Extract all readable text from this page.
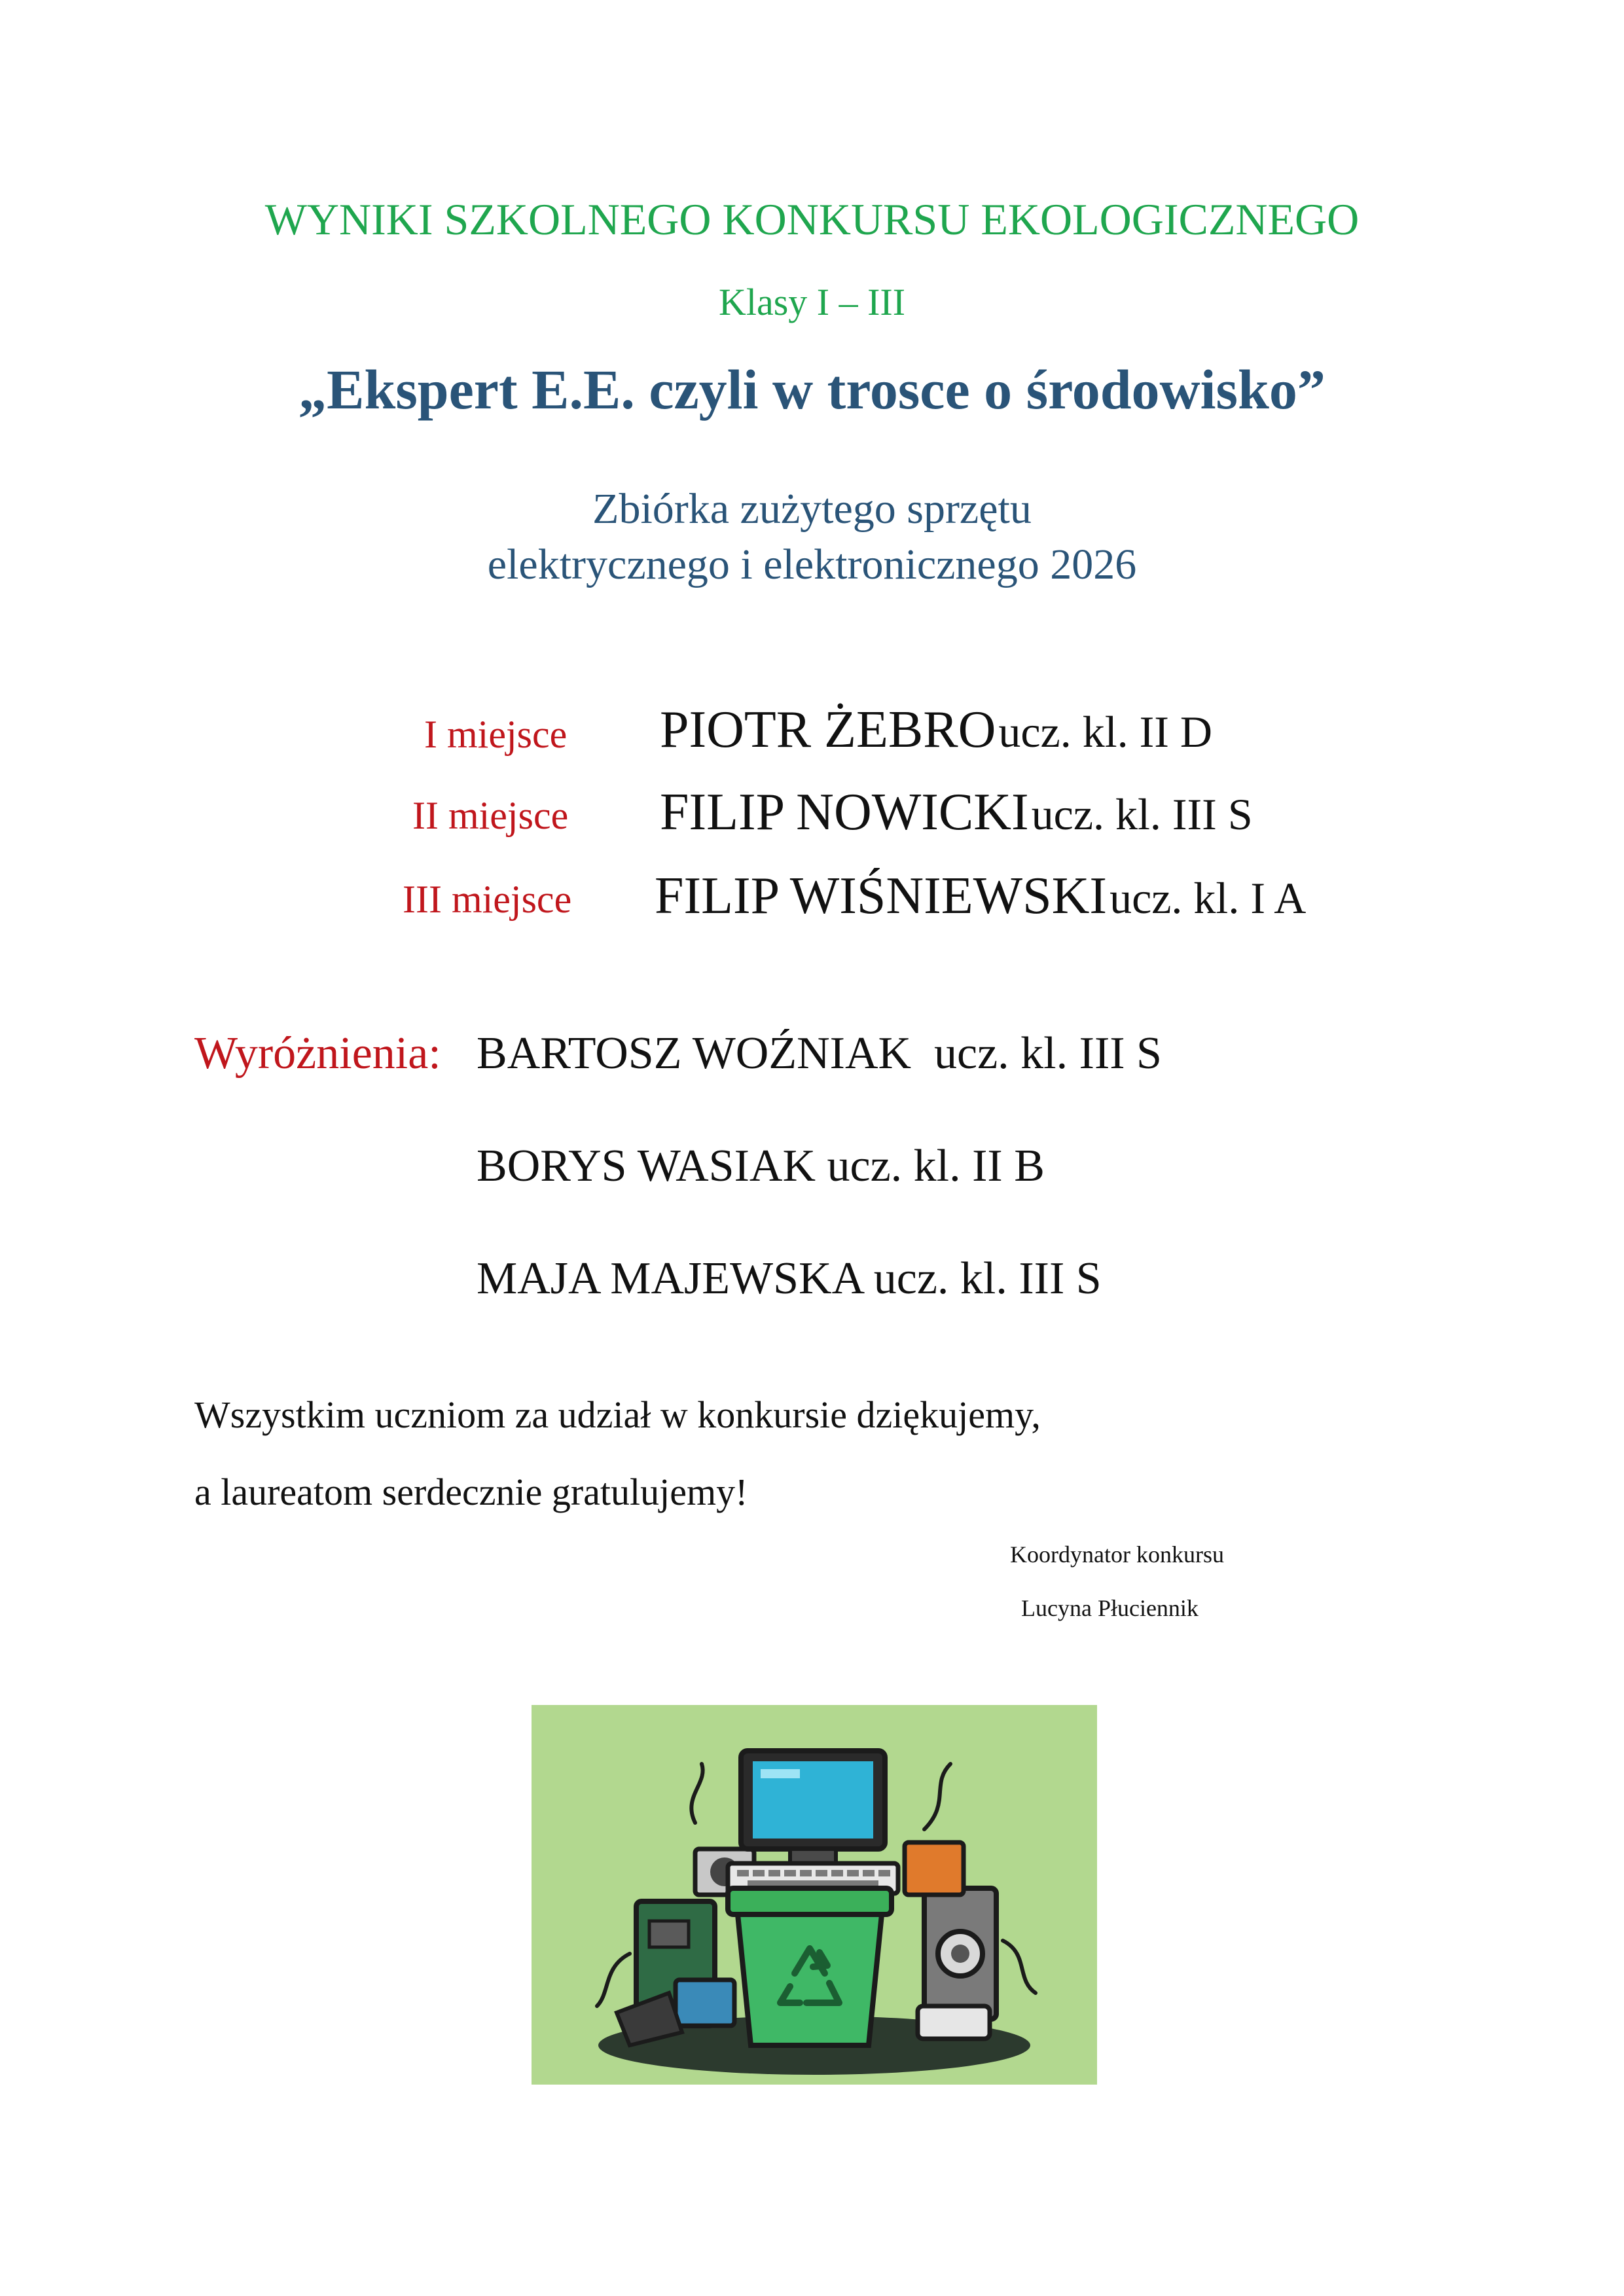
WYNIKI SZKOLNEGO KONKURSU EKOLOGICZNEGO
Klasy I – III
„Ekspert E.E. czyli w trosce o środowisko”
Zbiórka zużytego sprzętu
elektrycznego i elektronicznego 2026
I miejsce PIOTR ŻEBRO ucz. kl. II D
II miejsce FILIP NOWICKI ucz. kl. III S
III miejsce FILIP WIŚNIEWSKI ucz. kl. I A
Wyróżnienia: BARTOSZ WOŹNIAK  ucz. kl. III S
BORYS WASIAK ucz. kl. II B
MAJA MAJEWSKA ucz. kl. III S
Wszystkim uczniom za udział w konkursie dziękujemy,
a laureatom serdecznie gratulujemy!
Koordynator konkursu
Lucyna Płuciennik
